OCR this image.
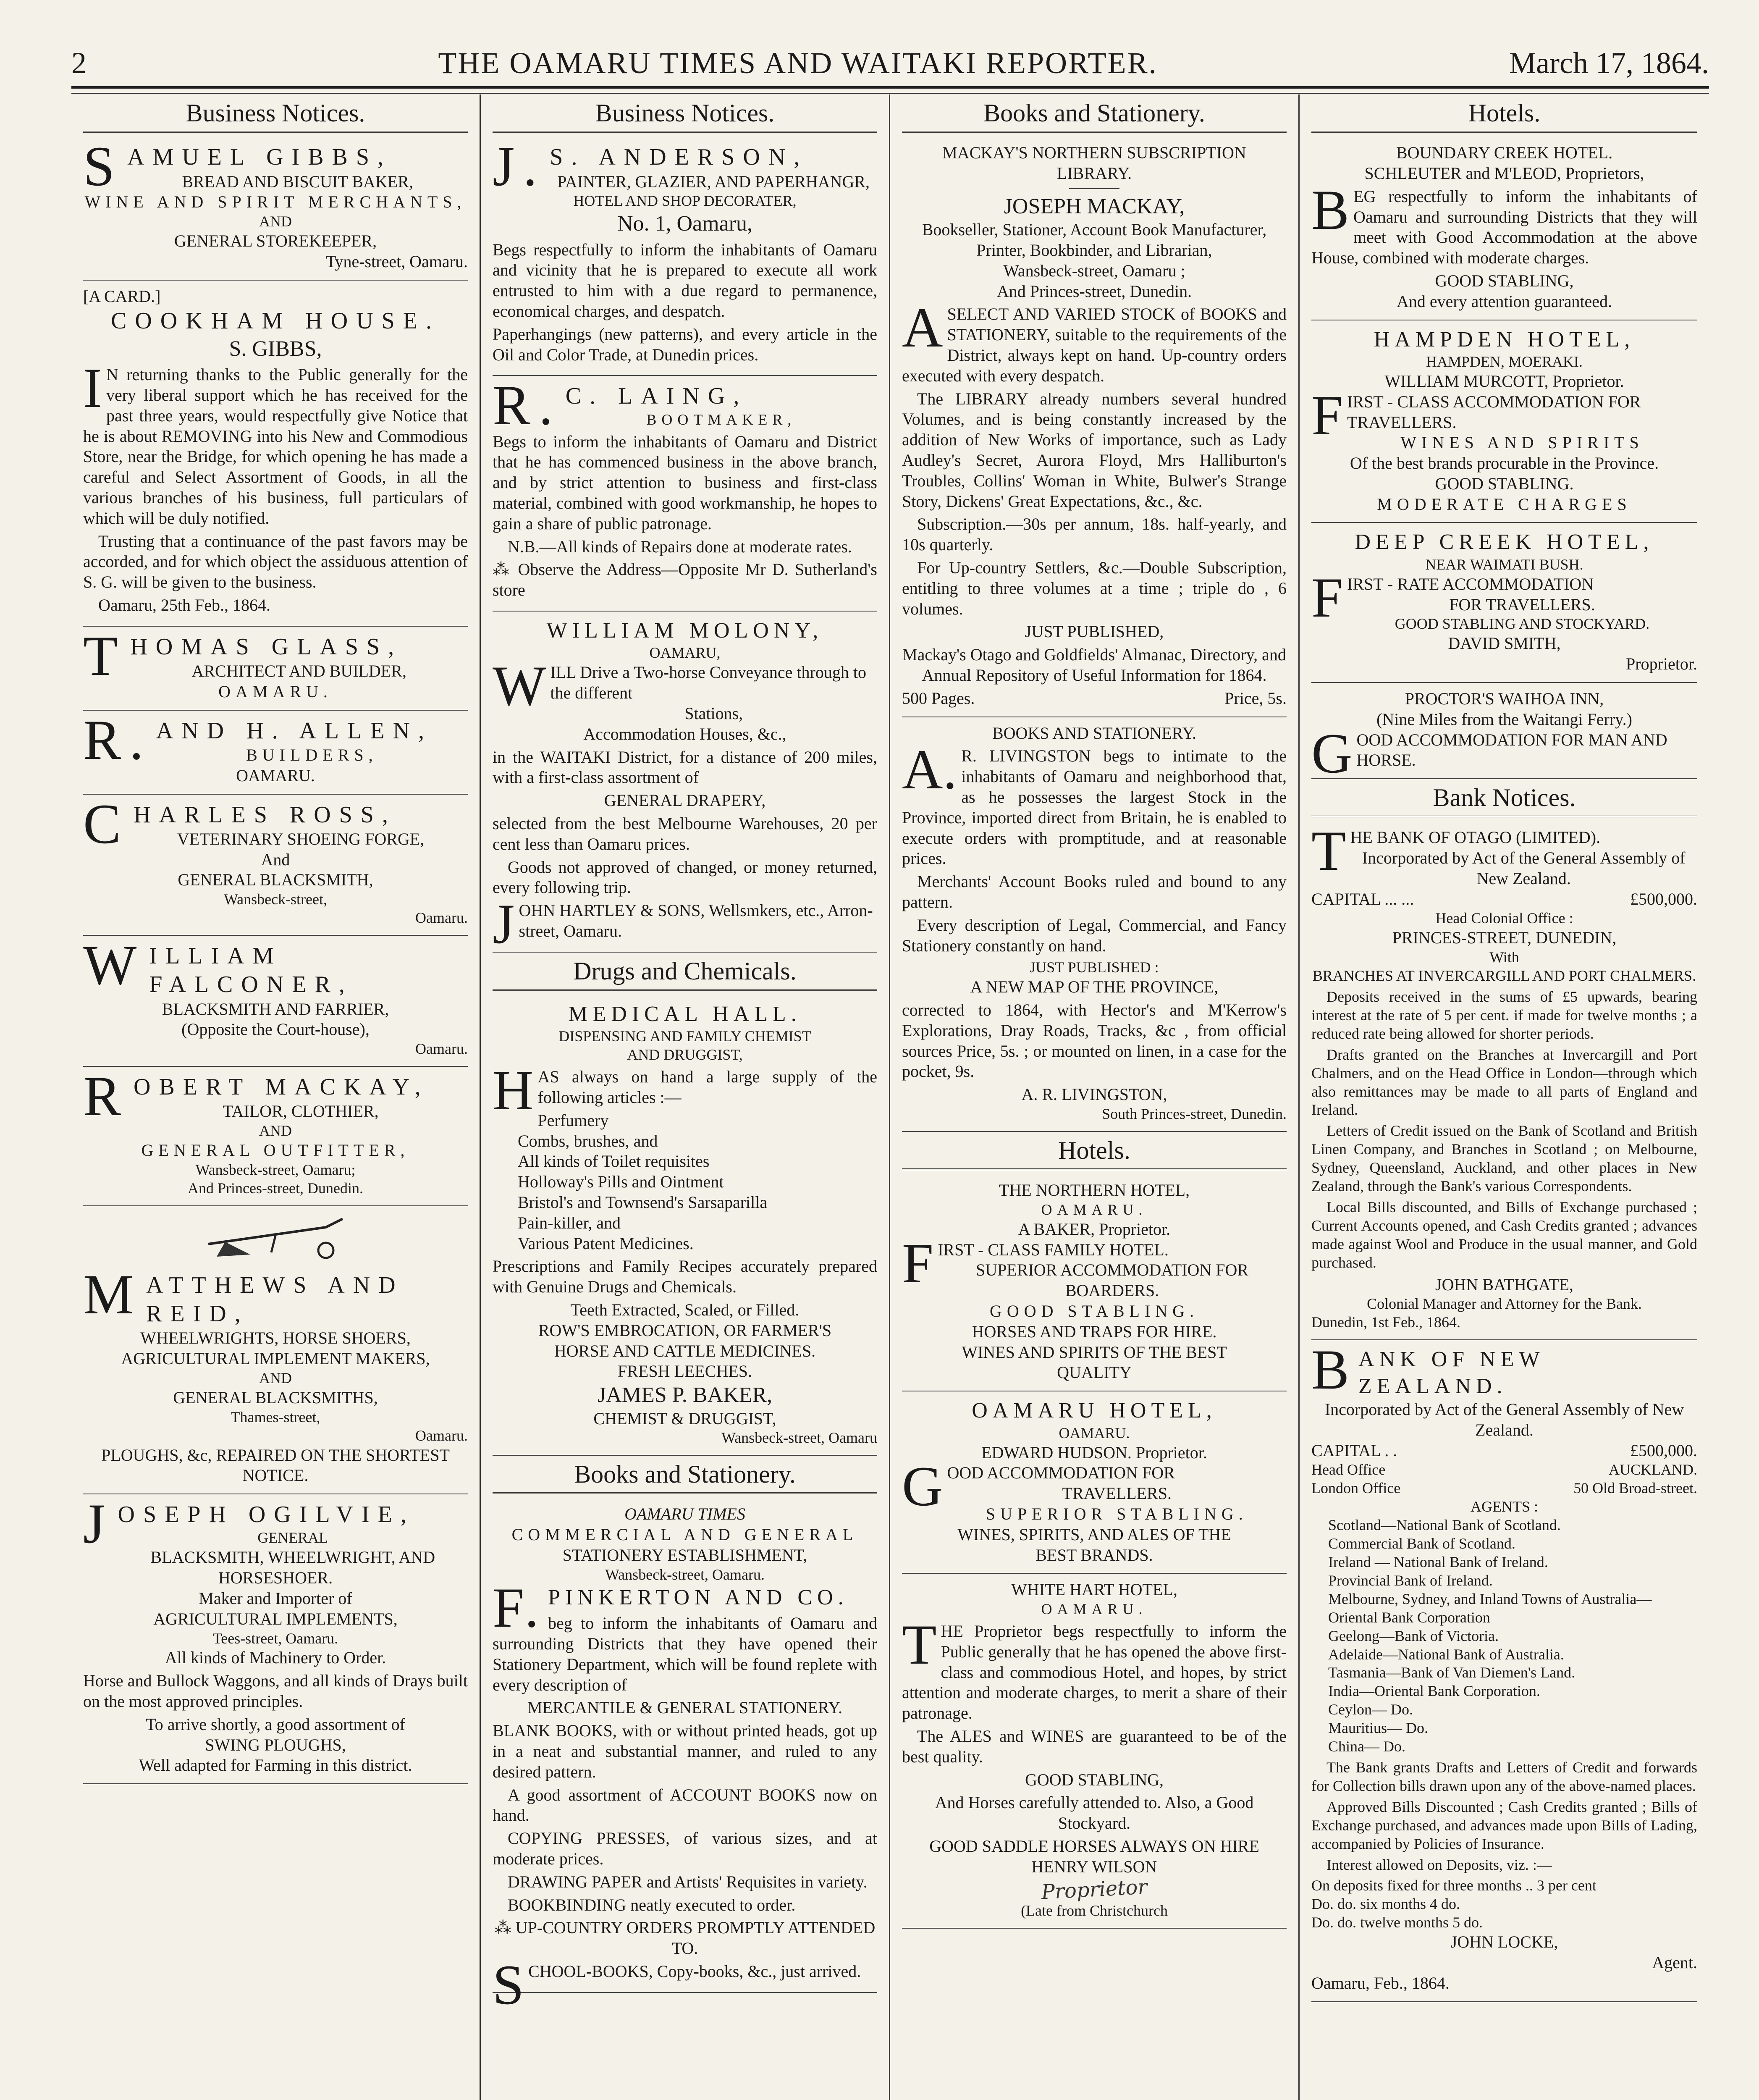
2	THE OAMARU TIMES AND WAITAKI REPORTER.	March 17, 1864.
Business Notices.
SAMUEL GIBBS,
BREAD AND BISCUIT BAKER,
WINE AND SPIRIT MERCHANTS,
AND
GENERAL STOREKEEPER,
Tyne-street, Oamaru.
[A CARD.]
COOKHAM HOUSE.
S. GIBBS,

IN returning thanks to the Public generally for the very liberal support which he has received for the past three years, would respectfully give Notice that he is about REMOVING into his New and Commodious Store, near the Bridge, for which opening he has made a careful and Select Assortment of Goods, in all the various branches of his business, full particulars of which will be duly notified.

Trusting that a continuance of the past favors may be accorded, and for which object the assiduous attention of S. G. will be given to the business.

Oamaru, 25th Feb., 1864.

THOMAS GLASS,
ARCHITECT AND BUILDER,
OAMARU.
R.AND H. ALLEN,
BUILDERS,
OAMARU.
CHARLES ROSS,
VETERINARY SHOEING FORGE,
And
GENERAL BLACKSMITH,
Wansbeck-street,
Oamaru.
WILLIAM FALCONER,
BLACKSMITH AND FARRIER,
(Opposite the Court-house),
Oamaru.
ROBERT MACKAY,
TAILOR, CLOTHIER,
AND
GENERAL OUTFITTER,
Wansbeck-street, Oamaru;
And Princes-street, Dunedin.
MATTHEWS AND REID,
WHEELWRIGHTS, HORSE SHOERS,
AGRICULTURAL IMPLEMENT MAKERS,
AND
GENERAL BLACKSMITHS,
Thames-street,
Oamaru.
PLOUGHS, &c, REPAIRED ON THE SHORTEST NOTICE.
JOSEPH OGILVIE,
GENERAL
BLACKSMITH, WHEELWRIGHT, AND
HORSESHOER.
Maker and Importer of
AGRICULTURAL IMPLEMENTS,
Tees-street, Oamaru.
All kinds of Machinery to Order.

Horse and Bullock Waggons, and all kinds of Drays built on the most approved principles.

To arrive shortly, a good assortment of
SWING PLOUGHS,
Well adapted for Farming in this district.
Business Notices.
J.S. ANDERSON,
PAINTER, GLAZIER, AND PAPERHANGR,
HOTEL AND SHOP DECORATER,
No. 1, Oamaru,

Begs respectfully to inform the inhabitants of Oamaru and vicinity that he is prepared to execute all work entrusted to him with a due regard to permanence, economical charges, and despatch.

Paperhangings (new patterns), and every article in the Oil and Color Trade, at Dunedin prices.

R.C. LAING,
BOOTMAKER,

Begs to inform the inhabitants of Oamaru and District that he has commenced business in the above branch, and by strict attention to business and first-class material, combined with good workmanship, he hopes to gain a share of public patronage.

N.B.—All kinds of Repairs done at moderate rates.

⁂ Observe the Address—Opposite Mr D. Sutherland's store

WILLIAM MOLONY,
OAMARU,
WILL Drive a Two-horse Conveyance through to the different
Stations,
Accommodation Houses, &c.,

in the WAITAKI District, for a distance of 200 miles, with a first-class assortment of

GENERAL DRAPERY,

selected from the best Melbourne Warehouses, 20 per cent less than Oamaru prices.

Goods not approved of changed, or money returned, every following trip.

JOHN HARTLEY & SONS, Wellsmkers, etc., Arron-street, Oamaru.

Drugs and Chemicals.
MEDICAL HALL.
DISPENSING AND FAMILY CHEMIST
AND DRUGGIST,

HAS always on hand a large supply of the following articles :—

Perfumery
Combs, brushes, and
All kinds of Toilet requisites
Holloway's Pills and Ointment
Bristol's and Townsend's Sarsaparilla
Pain-killer, and
Various Patent Medicines.

Prescriptions and Family Recipes accurately prepared with Genuine Drugs and Chemicals.

Teeth Extracted, Scaled, or Filled.
ROW'S EMBROCATION, OR FARMER'S
HORSE AND CATTLE MEDICINES.
FRESH LEECHES.
JAMES P. BAKER,
CHEMIST & DRUGGIST,
Wansbeck-street, Oamaru
Books and Stationery.
OAMARU TIMES
COMMERCIAL AND GENERAL
STATIONERY ESTABLISHMENT,
Wansbeck-street, Oamaru.
F.PINKERTON AND CO.

beg to inform the inhabitants of Oamaru and surrounding Districts that they have opened their Stationery Department, which will be found replete with every description of

MERCANTILE & GENERAL STATIONERY.

BLANK BOOKS, with or without printed heads, got up in a neat and substantial manner, and ruled to any desired pattern.

A good assortment of ACCOUNT BOOKS now on hand.

COPYING PRESSES, of various sizes, and at moderate prices.

DRAWING PAPER and Artists' Requisites in variety.

BOOKBINDING neatly executed to order.

⁂ UP-COUNTRY ORDERS PROMPTLY ATTENDED TO.

SCHOOL-BOOKS, Copy-books, &c., just arrived.

Books and Stationery.
MACKAY'S NORTHERN SUBSCRIPTION
LIBRARY.
JOSEPH MACKAY,
Bookseller, Stationer, Account Book Manufacturer, Printer, Bookbinder, and Librarian,
Wansbeck-street, Oamaru ;
And Princes-street, Dunedin.

ASELECT AND VARIED STOCK of BOOKS and STATIONERY, suitable to the requirements of the District, always kept on hand. Up-country orders executed with every despatch.

The LIBRARY already numbers several hundred Volumes, and is being constantly increased by the addition of New Works of importance, such as Lady Audley's Secret, Aurora Floyd, Mrs Halliburton's Troubles, Collins' Woman in White, Bulwer's Strange Story, Dickens' Great Expectations, &c., &c.

Subscription.—30s per annum, 18s. half-yearly, and 10s quarterly.

For Up-country Settlers, &c.—Double Subscription, entitling to three volumes at a time ; triple do , 6 volumes.

JUST PUBLISHED,

Mackay's Otago and Goldfields' Almanac, Directory, and Annual Repository of Useful Information for 1864.

500 Pages.	Price, 5s.
BOOKS AND STATIONERY.

A.R. LIVINGSTON begs to intimate to the inhabitants of Oamaru and neighborhood that, as he possesses the largest Stock in the Province, imported direct from Britain, he is enabled to execute orders with promptitude, and at reasonable prices.

Merchants' Account Books ruled and bound to any pattern.

Every description of Legal, Commercial, and Fancy Stationery constantly on hand.

JUST PUBLISHED :
A NEW MAP OF THE PROVINCE,

corrected to 1864, with Hector's and M'Kerrow's Explorations, Dray Roads, Tracks, &c , from official sources Price, 5s. ; or mounted on linen, in a case for the pocket, 9s.

A. R. LIVINGSTON,
South Princes-street, Dunedin.
Hotels.
THE NORTHERN HOTEL,
OAMARU.
A BAKER, Proprietor.
FIRST - CLASS FAMILY HOTEL.
SUPERIOR ACCOMMODATION FOR
BOARDERS.
GOOD STABLING.
HORSES AND TRAPS FOR HIRE.
WINES AND SPIRITS OF THE BEST
QUALITY
OAMARU HOTEL,
OAMARU.
EDWARD HUDSON. Proprietor.
GOOD ACCOMMODATION FOR
TRAVELLERS.
SUPERIOR STABLING.
WINES, SPIRITS, AND ALES OF THE
BEST BRANDS.
WHITE HART HOTEL,
OAMARU.

THE Proprietor begs respectfully to inform the Public generally that he has opened the above first-class and commodious Hotel, and hopes, by strict attention and moderate charges, to merit a share of their patronage.

The ALES and WINES are guaranteed to be of the best quality.

GOOD STABLING,

And Horses carefully attended to. Also, a Good Stockyard.

GOOD SADDLE HORSES ALWAYS ON HIRE
HENRY WILSON
Proprietor
(Late from Christchurch
Hotels.
BOUNDARY CREEK HOTEL.
SCHLEUTER and M'LEOD, Proprietors,

BEG respectfully to inform the inhabitants of Oamaru and surrounding Districts that they will meet with Good Accommodation at the above House, combined with moderate charges.

GOOD STABLING,
And every attention guaranteed.
HAMPDEN HOTEL,
HAMPDEN, MOERAKI.
WILLIAM MURCOTT, Proprietor.
FIRST - CLASS ACCOMMODATION FOR TRAVELLERS.
WINES AND SPIRITS
Of the best brands procurable in the Province.
GOOD STABLING.
MODERATE CHARGES
DEEP CREEK HOTEL,
NEAR WAIMATI BUSH.
FIRST - RATE ACCOMMODATION
FOR TRAVELLERS.
GOOD STABLING AND STOCKYARD.
DAVID SMITH,
Proprietor.
PROCTOR'S WAIHOA INN,
(Nine Miles from the Waitangi Ferry.)
GOOD ACCOMMODATION FOR MAN AND HORSE.
Bank Notices.
THE BANK OF OTAGO (LIMITED).
Incorporated by Act of the General Assembly of New Zealand.
CAPITAL ... ...	£500,000.
Head Colonial Office :
PRINCES-STREET, DUNEDIN,
With
BRANCHES AT INVERCARGILL AND PORT CHALMERS.

Deposits received in the sums of £5 upwards, bearing interest at the rate of 5 per cent. if made for twelve months ; a reduced rate being allowed for shorter periods.

Drafts granted on the Branches at Invercargill and Port Chalmers, and on the Head Office in London—through which also remittances may be made to all parts of England and Ireland.

Letters of Credit issued on the Bank of Scotland and British Linen Company, and Branches in Scotland ; on Melbourne, Sydney, Queensland, Auckland, and other places in New Zealand, through the Bank's various Correspondents.

Local Bills discounted, and Bills of Exchange purchased ; Current Accounts opened, and Cash Credits granted ; advances made against Wool and Produce in the usual manner, and Gold purchased.

JOHN BATHGATE,
Colonial Manager and Attorney for the Bank.
Dunedin, 1st Feb., 1864.
BANK OF NEW ZEALAND.
Incorporated by Act of the General Assembly of New Zealand.
CAPITAL . .	£500,000.
Head Office	AUCKLAND.
London Office	50 Old Broad-street.
AGENTS :
Scotland—National Bank of Scotland.
Commercial Bank of Scotland.
Ireland — National Bank of Ireland.
Provincial Bank of Ireland.
Melbourne, Sydney, and Inland Towns of Australia—Oriental Bank Corporation
Geelong—Bank of Victoria.
Adelaide—National Bank of Australia.
Tasmania—Bank of Van Diemen's Land.
India—Oriental Bank Corporation.
Ceylon— Do.
Mauritius— Do.
China— Do.

The Bank grants Drafts and Letters of Credit and forwards for Collection bills drawn upon any of the above-named places.

Approved Bills Discounted ; Cash Credits granted ; Bills of Exchange purchased, and advances made upon Bills of Lading, accompanied by Policies of Insurance.

Interest allowed on Deposits, viz. :—

On deposits fixed for three months .. 3 per cent
Do. do. six months 4 do.
Do. do. twelve months 5 do.
JOHN LOCKE,
Agent.
Oamaru, Feb., 1864.
